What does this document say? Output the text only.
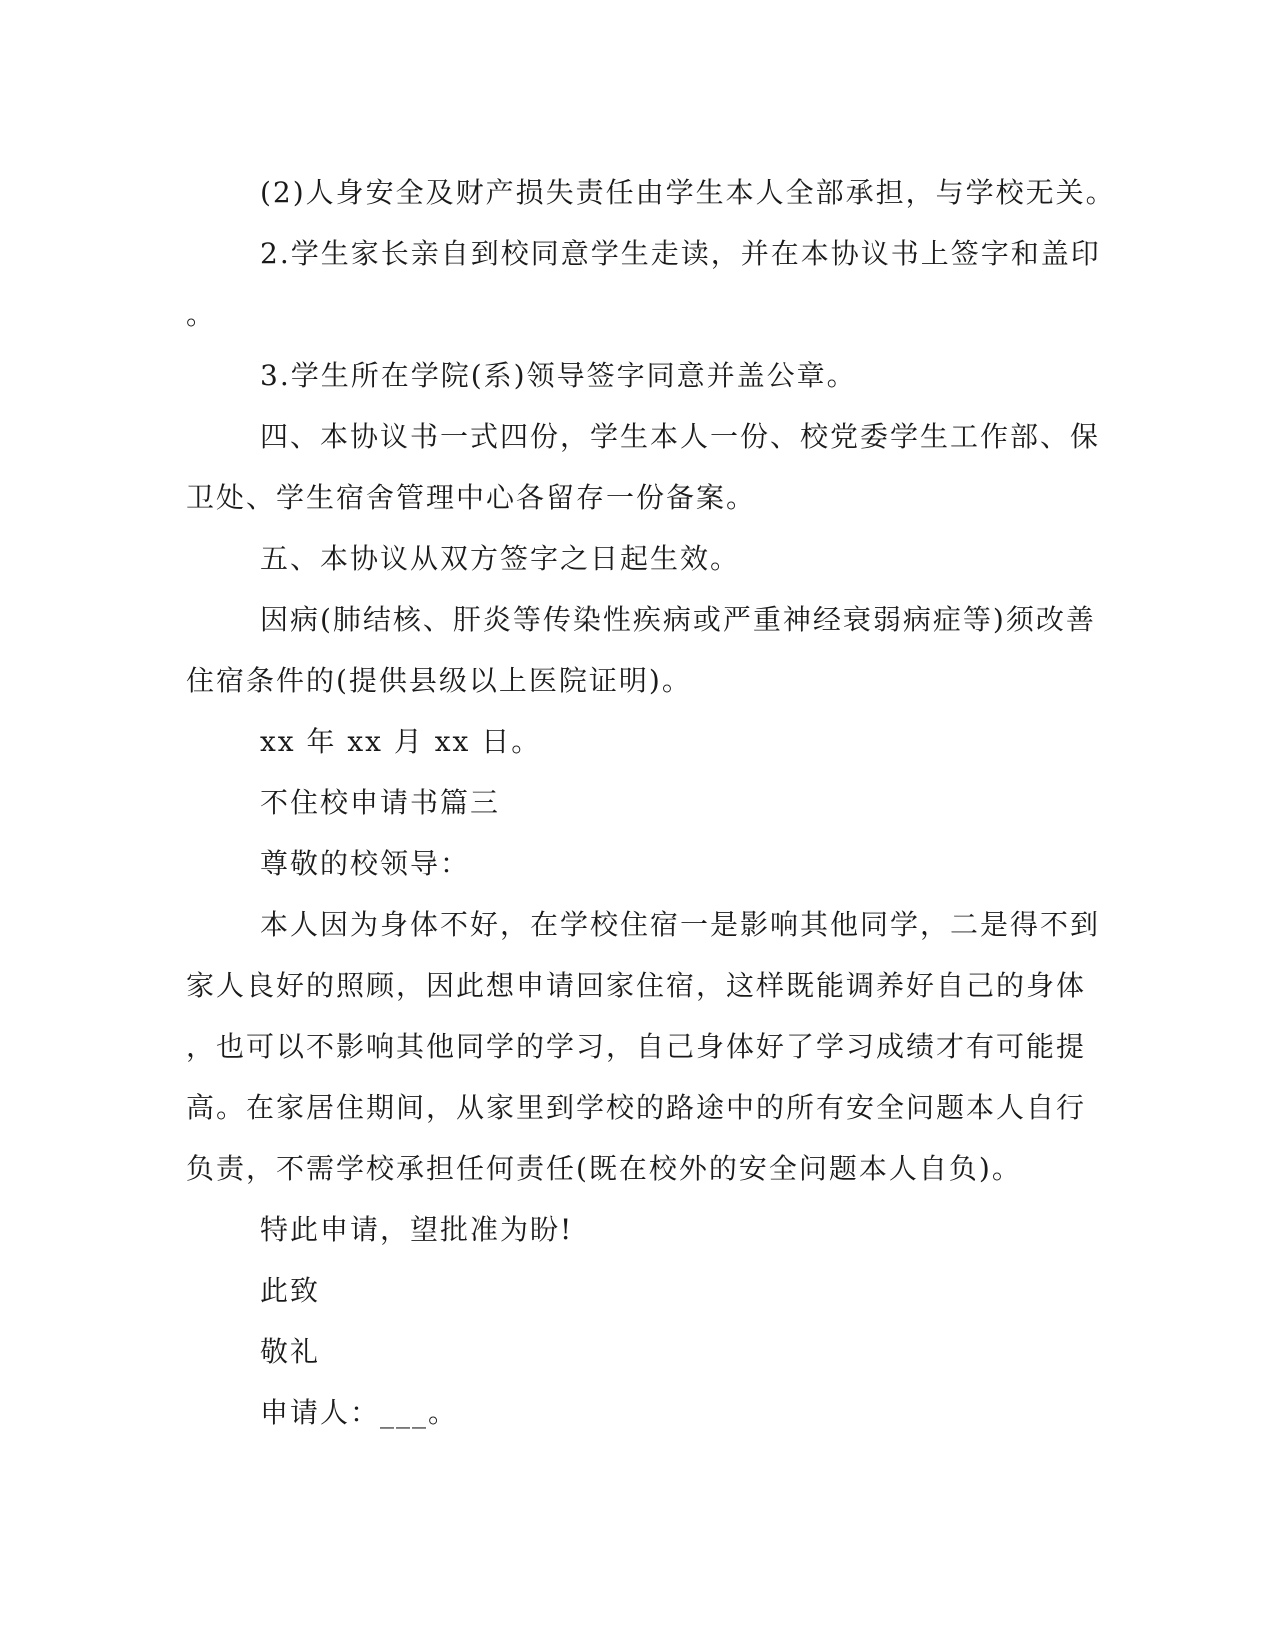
(2)人身安全及财产损失责任由学生本人全部承担，与学校无关。
2.学生家长亲自到校同意学生走读，并在本协议书上签字和盖印
。
3.学生所在学院(系)领导签字同意并盖公章。
四、本协议书一式四份，学生本人一份、校党委学生工作部、保
卫处、学生宿舍管理中心各留存一份备案。
五、本协议从双方签字之日起生效。
因病(肺结核、肝炎等传染性疾病或严重神经衰弱病症等)须改善
住宿条件的(提供县级以上医院证明)。
xx 年 xx 月 xx 日。
不住校申请书篇三
尊敬的校领导：
本人因为身体不好，在学校住宿一是影响其他同学，二是得不到
家人良好的照顾，因此想申请回家住宿，这样既能调养好自己的身体
，也可以不影响其他同学的学习，自己身体好了学习成绩才有可能提
高。在家居住期间，从家里到学校的路途中的所有安全问题本人自行
负责，不需学校承担任何责任(既在校外的安全问题本人自负)。
特此申请，望批准为盼!
此致
敬礼
申请人：___。
